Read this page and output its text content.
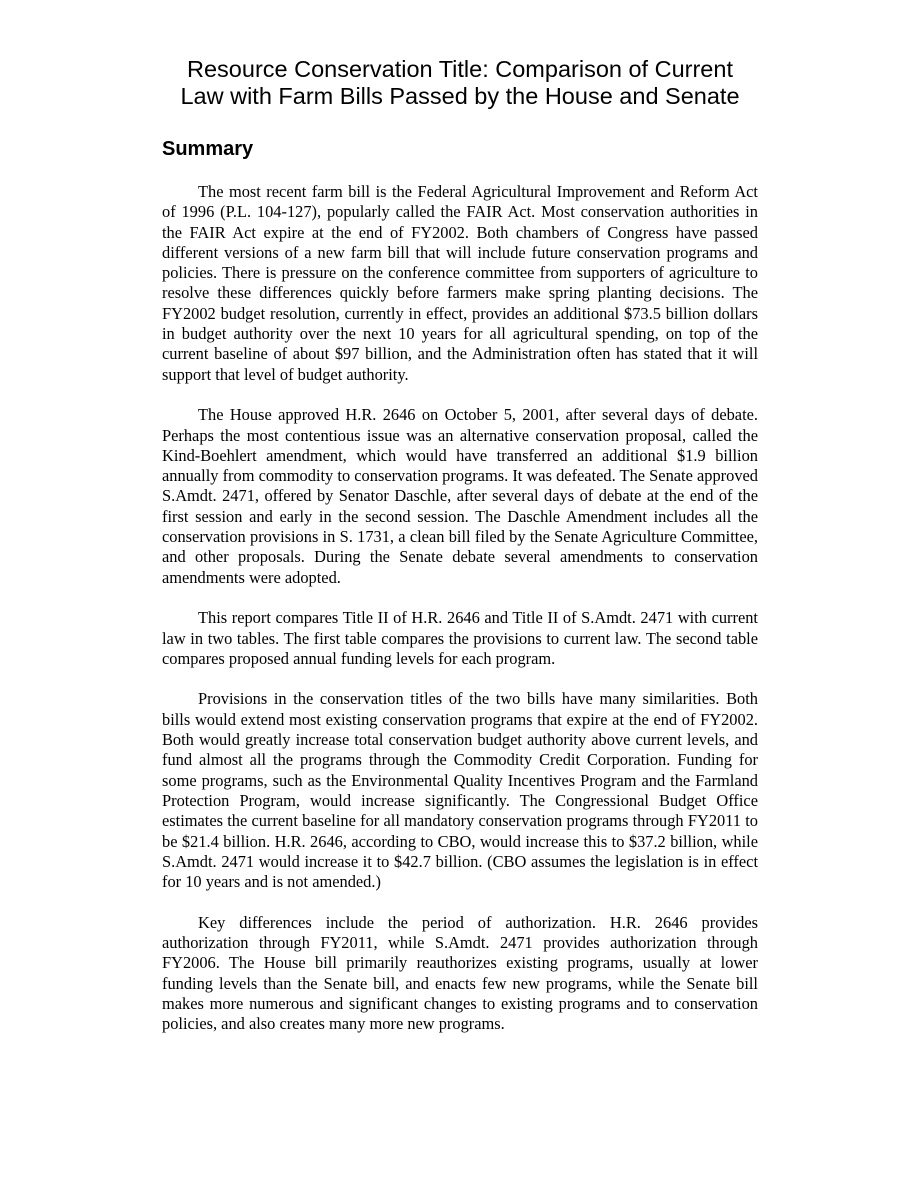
Resource Conservation Title: Comparison of Current
Law with Farm Bills Passed by the House and Senate
Summary

The most recent farm bill is the Federal Agricultural Improvement and Reform Act of 1996 (P.L. 104-127), popularly called the FAIR Act. Most conservation authorities in the FAIR Act expire at the end of FY2002. Both chambers of Congress have passed different versions of a new farm bill that will include future conservation programs and policies. There is pressure on the conference committee from supporters of agriculture to resolve these differences quickly before farmers make spring planting decisions. The FY2002 budget resolution, currently in effect, provides an additional $73.5 billion dollars in budget authority over the next 10 years for all agricultural spending, on top of the current baseline of about $97 billion, and the Administration often has stated that it will support that level of budget authority.

The House approved H.R. 2646 on October 5, 2001, after several days of debate. Perhaps the most contentious issue was an alternative conservation proposal, called the Kind-Boehlert amendment, which would have transferred an additional $1.9 billion annually from commodity to conservation programs. It was defeated. The Senate approved S.Amdt. 2471, offered by Senator Daschle, after several days of debate at the end of the first session and early in the second session. The Daschle Amendment includes all the conservation provisions in S. 1731, a clean bill filed by the Senate Agriculture Committee, and other proposals. During the Senate debate several amendments to conservation amendments were adopted.

This report compares Title II of H.R. 2646 and Title II of S.Amdt. 2471 with current law in two tables. The first table compares the provisions to current law. The second table compares proposed annual funding levels for each program.

Provisions in the conservation titles of the two bills have many similarities. Both bills would extend most existing conservation programs that expire at the end of FY2002. Both would greatly increase total conservation budget authority above current levels, and fund almost all the programs through the Commodity Credit Corporation. Funding for some programs, such as the Environmental Quality Incentives Program and the Farmland Protection Program, would increase significantly. The Congressional Budget Office estimates the current baseline for all mandatory conservation programs through FY2011 to be $21.4 billion. H.R. 2646, according to CBO, would increase this to $37.2 billion, while S.Amdt. 2471 would increase it to $42.7 billion. (CBO assumes the legislation is in effect for 10 years and is not amended.)

Key differences include the period of authorization. H.R. 2646 provides authorization through FY2011, while S.Amdt. 2471 provides authorization through FY2006. The House bill primarily reauthorizes existing programs, usually at lower funding levels than the Senate bill, and enacts few new programs, while the Senate bill makes more numerous and significant changes to existing programs and to conservation policies, and also creates many more new programs.
